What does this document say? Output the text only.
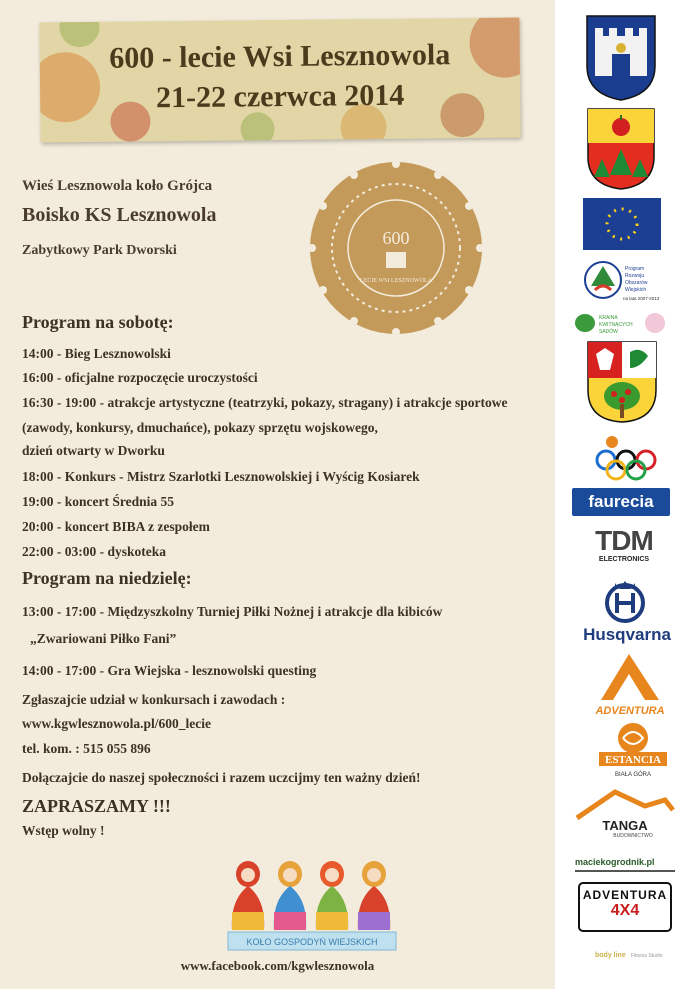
600 - lecie Wsi Lesznowola
21-22 czerwca 2014
Wieś Lesznowola koło Grójca
Boisko KS Lesznowola
Zabytkowy Park Dworski
600
LECIE WSI LESZNOWOLA
Program na sobotę:
14:00 - Bieg Lesznowolski
16:00 - oficjalne rozpoczęcie uroczystości
16:30 - 19:00 - atrakcje artystyczne (teatrzyki, pokazy, stragany) i atrakcje sportowe
(zawody, konkursy, dmuchańce), pokazy sprzętu wojskowego,
dzień otwarty w Dworku
18:00 - Konkurs - Mistrz Szarlotki Lesznowolskiej i Wyścig Kosiarek
19:00 - koncert Średnia 55
20:00 - koncert BIBA z zespołem
22:00 - 03:00 - dyskoteka
Program na niedzielę:
13:00 - 17:00 - Międzyszkolny Turniej Piłki Nożnej i atrakcje dla kibiców
„Zwariowani Piłko Fani”
14:00 - 17:00 - Gra Wiejska - lesznowolski questing
Zgłaszajcie udział w konkursach i zawodach :
www.kgwlesznowola.pl/600_lecie
tel. kom. : 515 055 896
Dołączajcie do naszej społeczności i razem uczcijmy ten ważny dzień!
ZAPRASZAMY !!!
Wstęp wolny !
KOŁO GOSPODYŃ WIEJSKICH
www.facebook.com/kgwlesznowola
Program
Rozwoju
Obszarów
Wiejskich
na lata 2007-2013
KRAINA
KWITNĄCYCH
SADÓW
faurecia
TDM
ELECTRONICS
Husqvarna
ADVENTURA
ESTANCIA
BIAŁA GÓRA
TANGA
BUDOWNICTWO
maciekogrodnik.pl
ADVENTURA
4X4
body line Fitness Studio
